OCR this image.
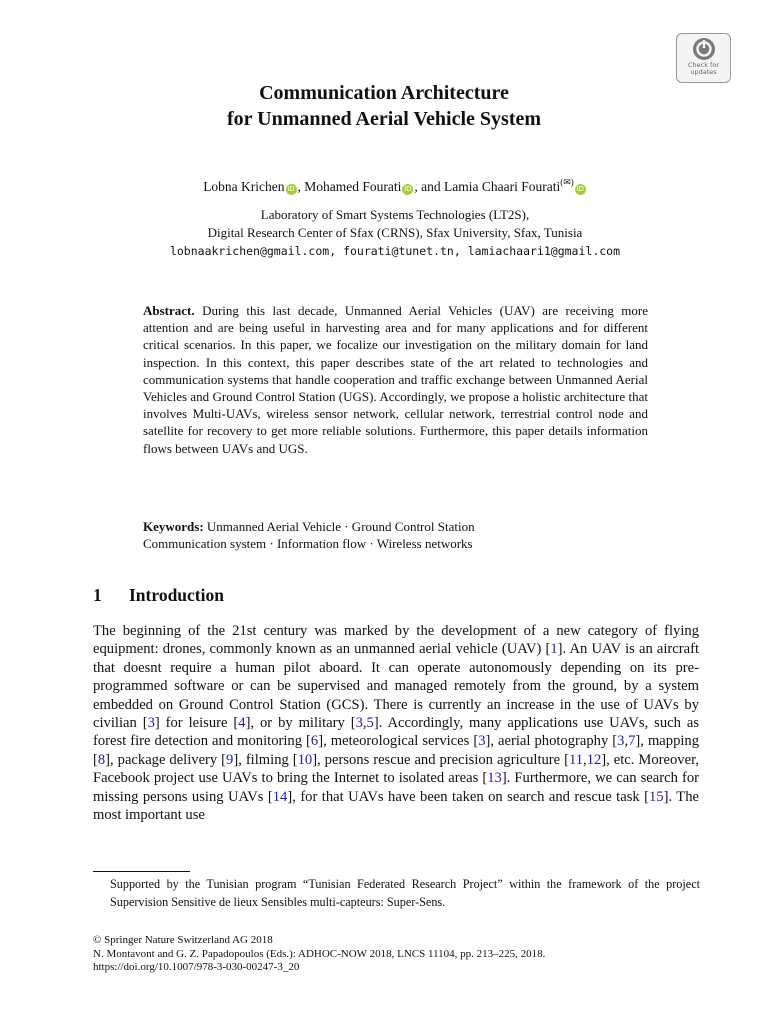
Check for
updates
Communication Architecture
for Unmanned Aerial Vehicle System
Lobna Krichen iD , Mohamed Fourati iD , and Lamia Chaari Fourati(✉)iD
Laboratory of Smart Systems Technologies (LT2S),
Digital Research Center of Sfax (CRNS), Sfax University, Sfax, Tunisia
lobnaakrichen@gmail.com, fourati@tunet.tn, lamiachaari1@gmail.com
Abstract. During this last decade, Unmanned Aerial Vehicles (UAV) are receiving more attention and are being useful in harvesting area and for many applications and for different critical scenarios. In this paper, we focalize our investigation on the military domain for land inspection. In this context, this paper describes state of the art related to technologies and communication systems that handle cooperation and traffic exchange between Unmanned Aerial Vehicles and Ground Control Station (UGS). Accordingly, we propose a holistic architecture that involves Multi-UAVs, wireless sensor network, cellular network, terrestrial control node and satellite for recovery to get more reliable solutions. Furthermore, this paper details information flows between UAVs and UGS.
Keywords: Unmanned Aerial Vehicle · Ground Control Station
Communication system · Information flow · Wireless networks
1 Introduction
The beginning of the 21st century was marked by the development of a new category of flying equipment: drones, commonly known as an unmanned aerial vehicle (UAV) [1]. An UAV is an aircraft that doesnt require a human pilot aboard. It can operate autonomously depending on its pre-programmed software or can be supervised and managed remotely from the ground, by a system embedded on Ground Control Station (GCS). There is currently an increase in the use of UAVs by civilian [3] for leisure [4], or by military [3,5]. Accordingly, many applications use UAVs, such as forest fire detection and monitoring [6], meteorological services [3], aerial photography [3,7], mapping [8], package delivery [9], filming [10], persons rescue and precision agriculture [11,12], etc. Moreover, Facebook project use UAVs to bring the Internet to isolated areas [13]. Furthermore, we can search for missing persons using UAVs [14], for that UAVs have been taken on search and rescue task [15]. The most important use
Supported by the Tunisian program “Tunisian Federated Research Project” within the framework of the project Supervision Sensitive de lieux Sensibles multi-capteurs: Super-Sens.
© Springer Nature Switzerland AG 2018
N. Montavont and G. Z. Papadopoulos (Eds.): ADHOC-NOW 2018, LNCS 11104, pp. 213–225, 2018.
https://doi.org/10.1007/978-3-030-00247-3_20
